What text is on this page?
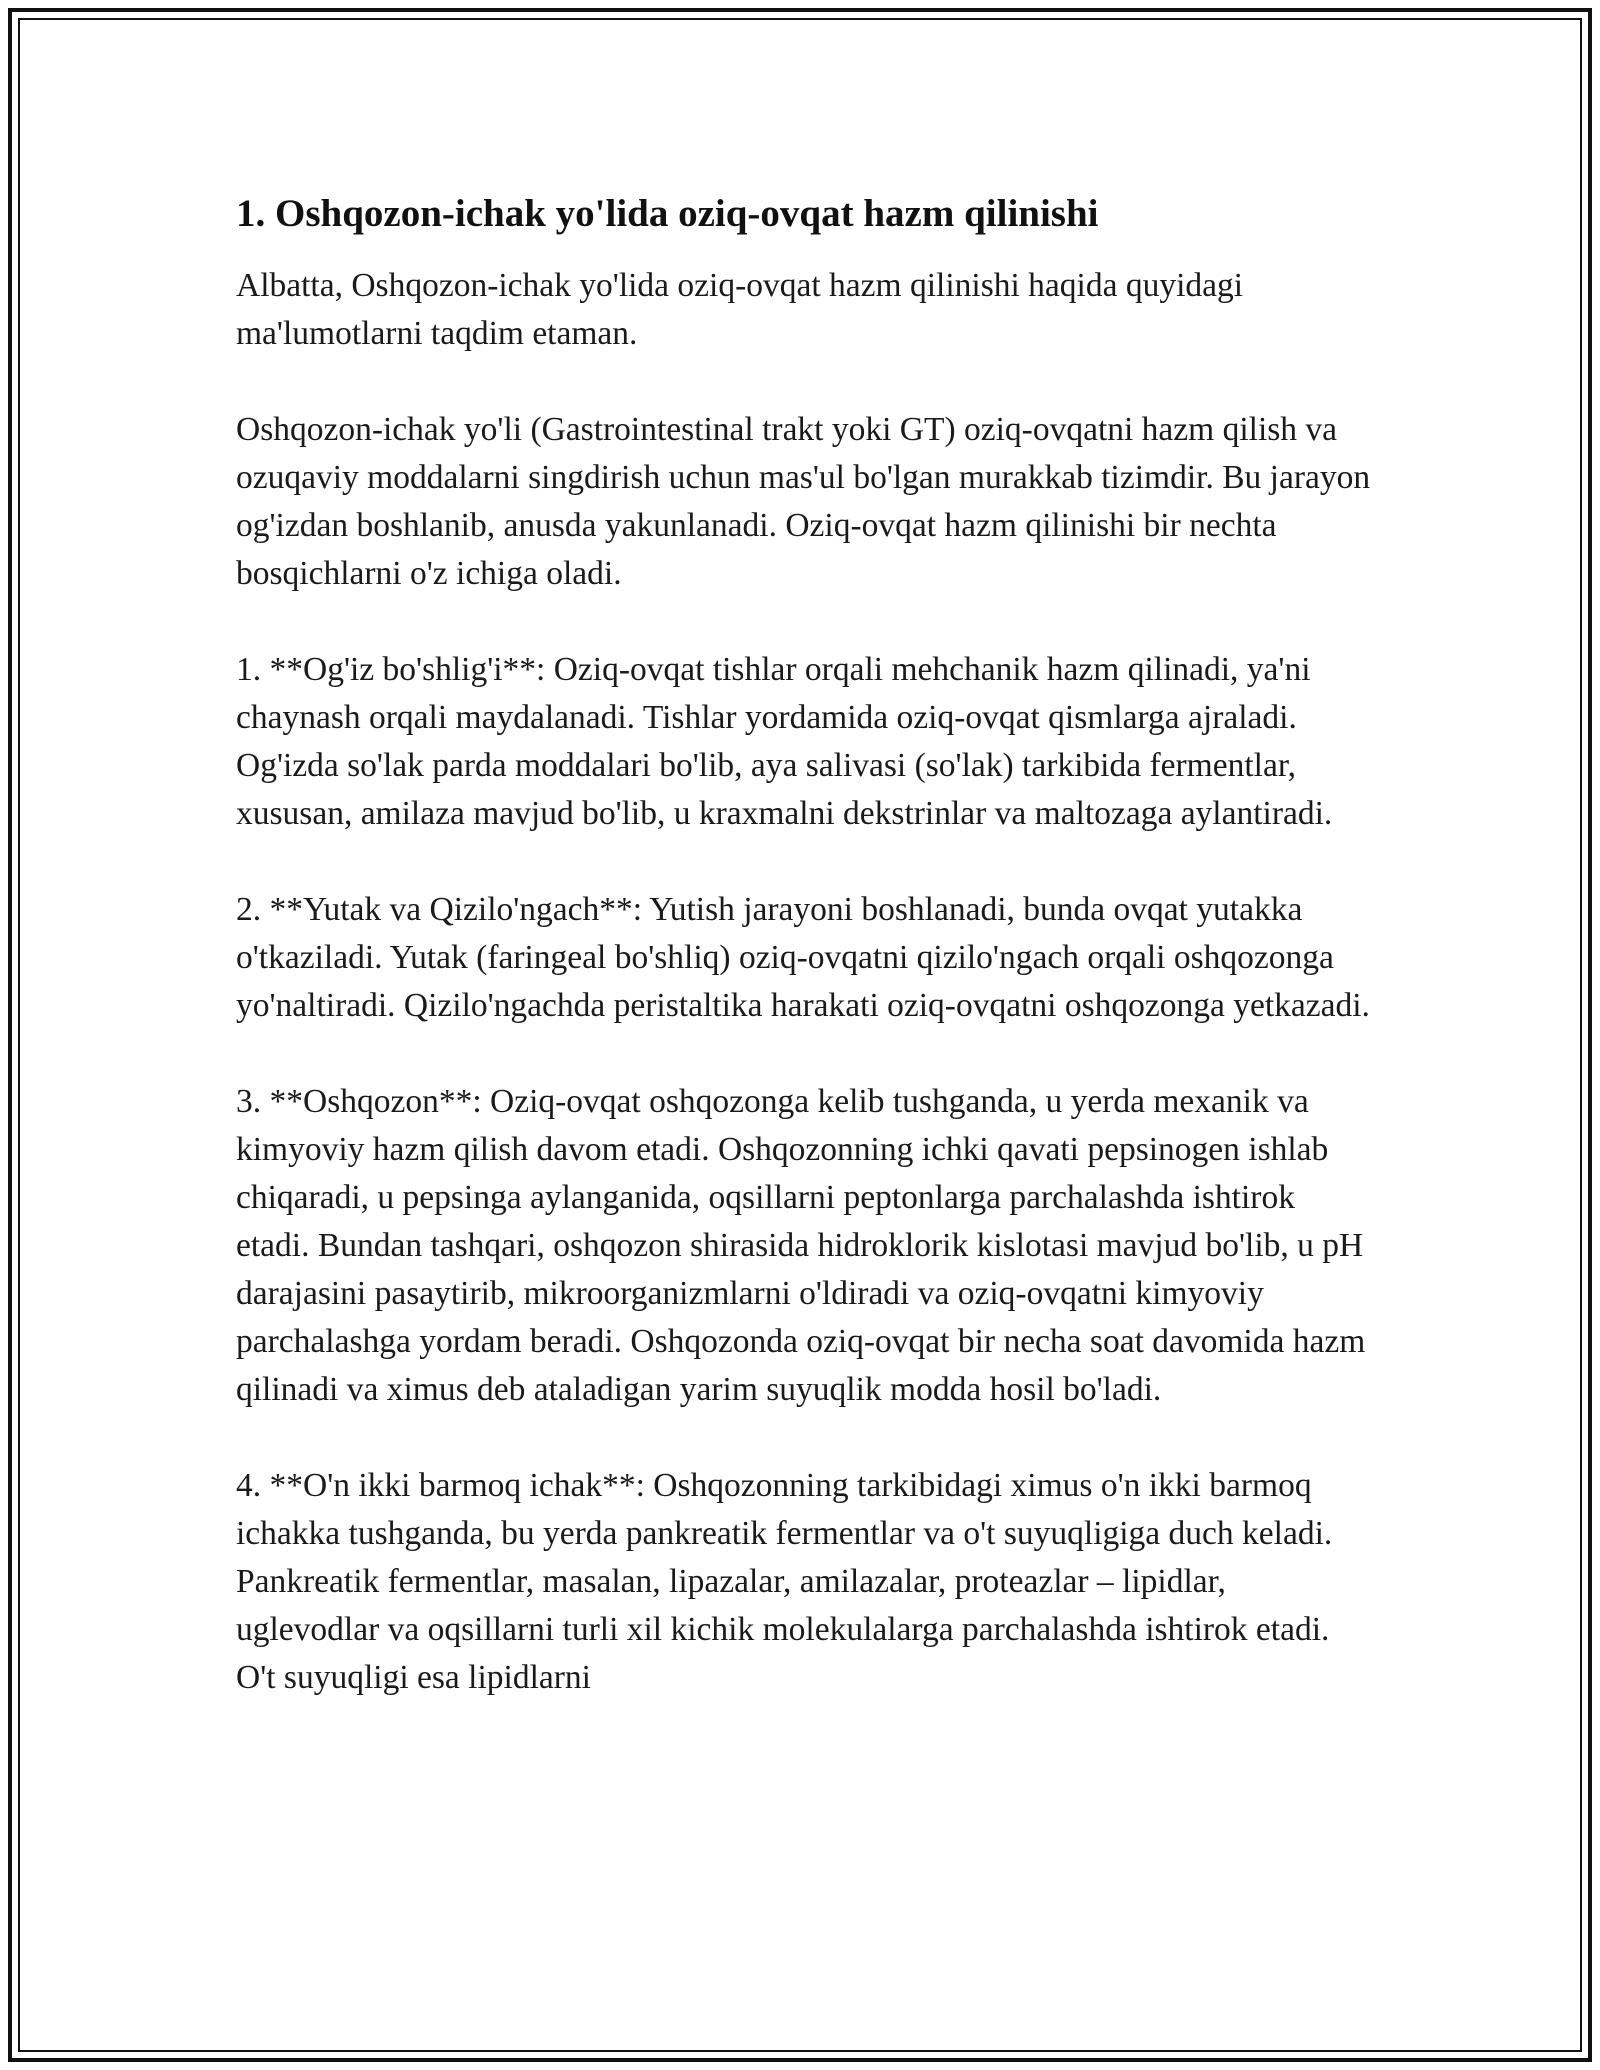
1. Oshqozon-ichak yo'lida oziq-ovqat hazm qilinishi

Albatta, Oshqozon-ichak yo'lida oziq-ovqat hazm qilinishi haqida quyidagi ma'lumotlarni taqdim etaman.

Oshqozon-ichak yo'li (Gastrointestinal trakt yoki GT) oziq-ovqatni hazm qilish va ozuqaviy moddalarni singdirish uchun mas'ul bo'lgan murakkab tizimdir. Bu jarayon og'izdan boshlanib, anusda yakunlanadi. Oziq-ovqat hazm qilinishi bir nechta bosqichlarni o'z ichiga oladi.

1. **Og'iz bo'shlig'i**: Oziq-ovqat tishlar orqali mehchanik hazm qilinadi, ya'ni chaynash orqali maydalanadi. Tishlar yordamida oziq-ovqat qismlarga ajraladi. Og'izda so'lak parda moddalari bo'lib, aya salivasi (so'lak) tarkibida fermentlar, xususan, amilaza mavjud bo'lib, u kraxmalni dekstrinlar va maltozaga aylantiradi.

2. **Yutak va Qizilo'ngach**: Yutish jarayoni boshlanadi, bunda ovqat yutakka o'tkaziladi. Yutak (faringeal bo'shliq) oziq-ovqatni qizilo'ngach orqali oshqozonga yo'naltiradi. Qizilo'ngachda peristaltika harakati oziq-ovqatni oshqozonga yetkazadi.

3. **Oshqozon**: Oziq-ovqat oshqozonga kelib tushganda, u yerda mexanik va kimyoviy hazm qilish davom etadi. Oshqozonning ichki qavati pepsinogen ishlab chiqaradi, u pepsinga aylanganida, oqsillarni peptonlarga parchalashda ishtirok etadi. Bundan tashqari, oshqozon shirasida hidroklorik kislotasi mavjud bo'lib, u pH darajasini pasaytirib, mikroorganizmlarni o'ldiradi va oziq-ovqatni kimyoviy parchalashga yordam beradi. Oshqozonda oziq-ovqat bir necha soat davomida hazm qilinadi va ximus deb ataladigan yarim suyuqlik modda hosil bo'ladi.

4. **O'n ikki barmoq ichak**: Oshqozonning tarkibidagi ximus o'n ikki barmoq ichakka tushganda, bu yerda pankreatik fermentlar va o't suyuqligiga duch keladi. Pankreatik fermentlar, masalan, lipazalar, amilazalar, proteazlar – lipidlar, uglevodlar va oqsillarni turli xil kichik molekulalarga parchalashda ishtirok etadi. O't suyuqligi esa lipidlarni
